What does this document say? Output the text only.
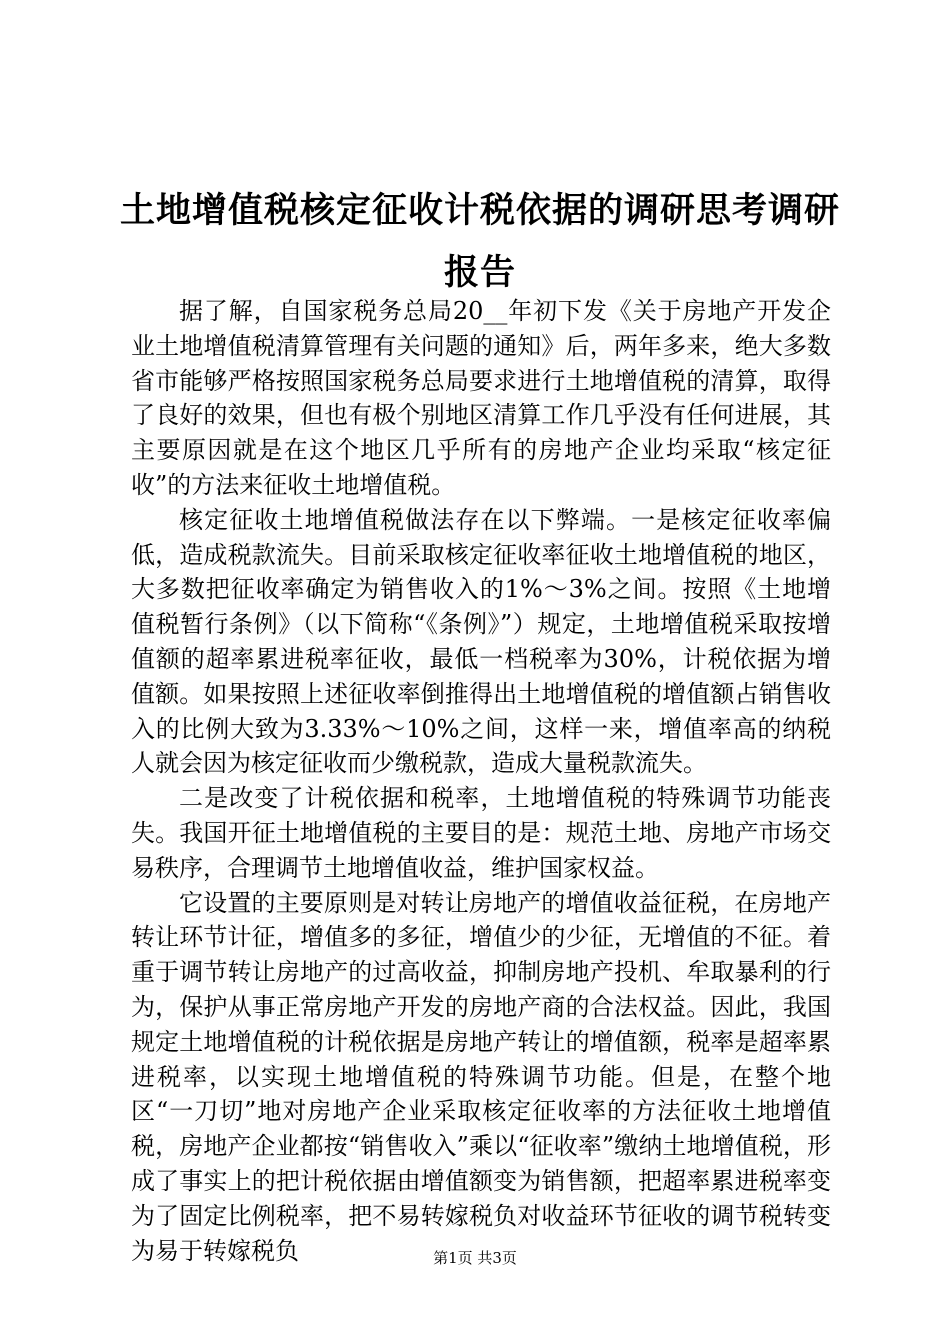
土地增值税核定征收计税依据的调研思考调研报告

据了解，自国家税务总局20__年初下发《关于房地产开发企业土地增值税清算管理有关问题的通知》后，两年多来，绝大多数省市能够严格按照国家税务总局要求进行土地增值税的清算，取得了良好的效果，但也有极个别地区清算工作几乎没有任何进展，其主要原因就是在这个地区几乎所有的房地产企业均采取“核定征收”的方法来征收土地增值税。

核定征收土地增值税做法存在以下弊端。一是核定征收率偏低，造成税款流失。目前采取核定征收率征收土地增值税的地区，大多数把征收率确定为销售收入的1%～3%之间。按照《土地增值税暂行条例》（以下简称“《条例》”）规定，土地增值税采取按增值额的超率累进税率征收，最低一档税率为30%，计税依据为增值额。如果按照上述征收率倒推得出土地增值税的增值额占销售收入的比例大致为3.33%～10%之间，这样一来，增值率高的纳税人就会因为核定征收而少缴税款，造成大量税款流失。

二是改变了计税依据和税率，土地增值税的特殊调节功能丧失。我国开征土地增值税的主要目的是：规范土地、房地产市场交易秩序，合理调节土地增值收益，维护国家权益。

它设置的主要原则是对转让房地产的增值收益征税，在房地产转让环节计征，增值多的多征，增值少的少征，无增值的不征。着重于调节转让房地产的过高收益，抑制房地产投机、牟取暴利的行为，保护从事正常房地产开发的房地产商的合法权益。因此，我国规定土地增值税的计税依据是房地产转让的增值额，税率是超率累进税率，以实现土地增值税的特殊调节功能。但是，在整个地区“一刀切”地对房地产企业采取核定征收率的方法征收土地增值税，房地产企业都按“销售收入”乘以“征收率”缴纳土地增值税，形成了事实上的把计税依据由增值额变为销售额，把超率累进税率变为了固定比例税率，把不易转嫁税负对收益环节征收的调节税转变为易于转嫁税负	第1页 共3页
